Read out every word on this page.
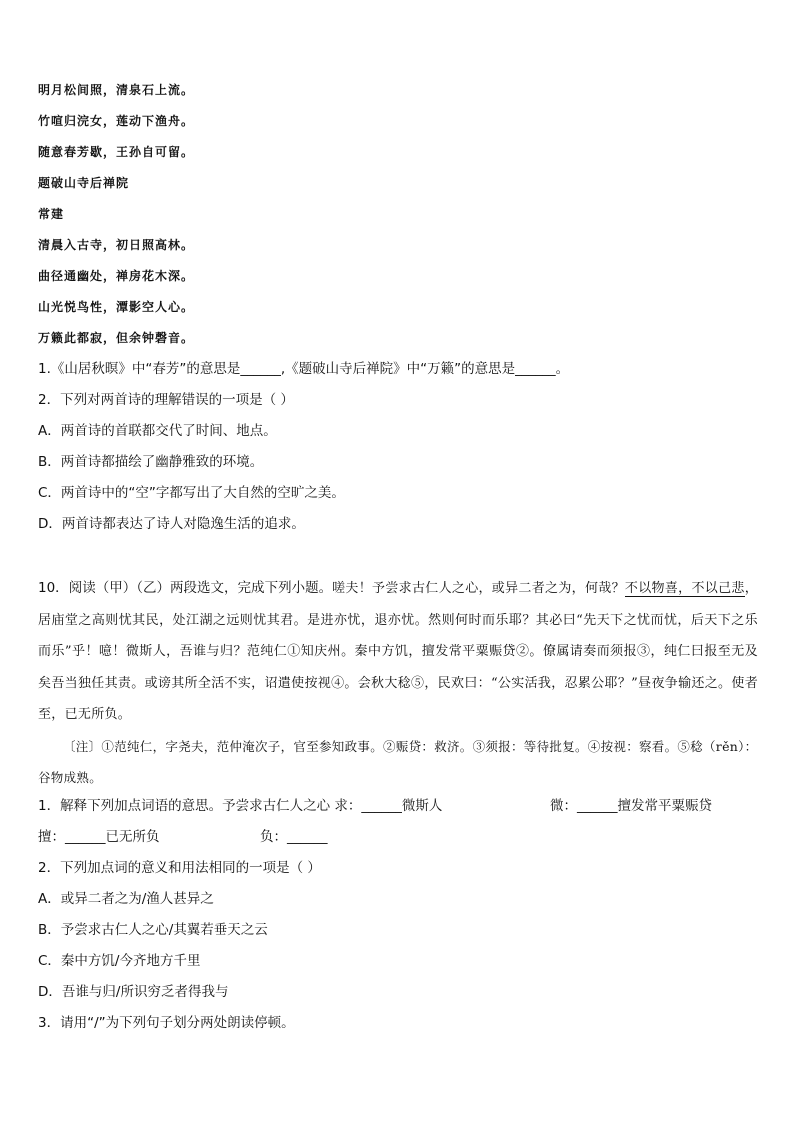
明月松间照，清泉石上流。
竹喧归浣女，莲动下渔舟。
随意春芳歇，王孙自可留。
题破山寺后禅院
常建
清晨入古寺，初日照高林。
曲径通幽处，禅房花木深。
山光悦鸟性，潭影空人心。
万籁此都寂，但余钟磬音。
1.《山居秋暝》中“春芳”的意思是______,《题破山寺后禅院》中“万籁”的意思是______。
2．下列对两首诗的理解错误的一项是（ ）
A．两首诗的首联都交代了时间、地点。
B．两首诗都描绘了幽静雅致的环境。
C．两首诗中的“空”字都写出了大自然的空旷之美。
D．两首诗都表达了诗人对隐逸生活的追求。
10．阅读（甲）（乙）两段选文，完成下列小题。嗟夫！予尝求古仁人之心，或异二者之为，何哉？不以物喜，不以己悲，居庙堂之高则忧其民，处江湖之远则忧其君。是进亦忧，退亦忧。然则何时而乐耶？其必曰“先天下之忧而忧，后天下之乐而乐”乎！噫！微斯人，吾谁与归？范纯仁①知庆州。秦中方饥，擅发常平粟赈贷②。僚属请奏而须报③，纯仁曰报至无及矣吾当独任其责。或谤其所全活不实，诏遣使按视④。会秋大稔⑤，民欢曰：“公实活我，忍累公耶？”昼夜争输还之。使者至，已无所负。
〔注〕①范纯仁，字尧夫，范仲淹次子，官至参知政事。②赈贷：救济。③须报：等待批复。④按视：察看。⑤稔（rěn）：谷物成熟。
1．解释下列加点词语的意思。予尝求古仁人之心 求：______微斯人	微：______擅发常平粟赈贷
擅：______已无所负	负：______
2．下列加点词的意义和用法相同的一项是（ ）
A．或异二者之为/渔人甚异之
B．予尝求古仁人之心/其翼若垂天之云
C．秦中方饥/今齐地方千里
D．吾谁与归/所识穷乏者得我与
3．请用“/”为下列句子划分两处朗读停顿。
